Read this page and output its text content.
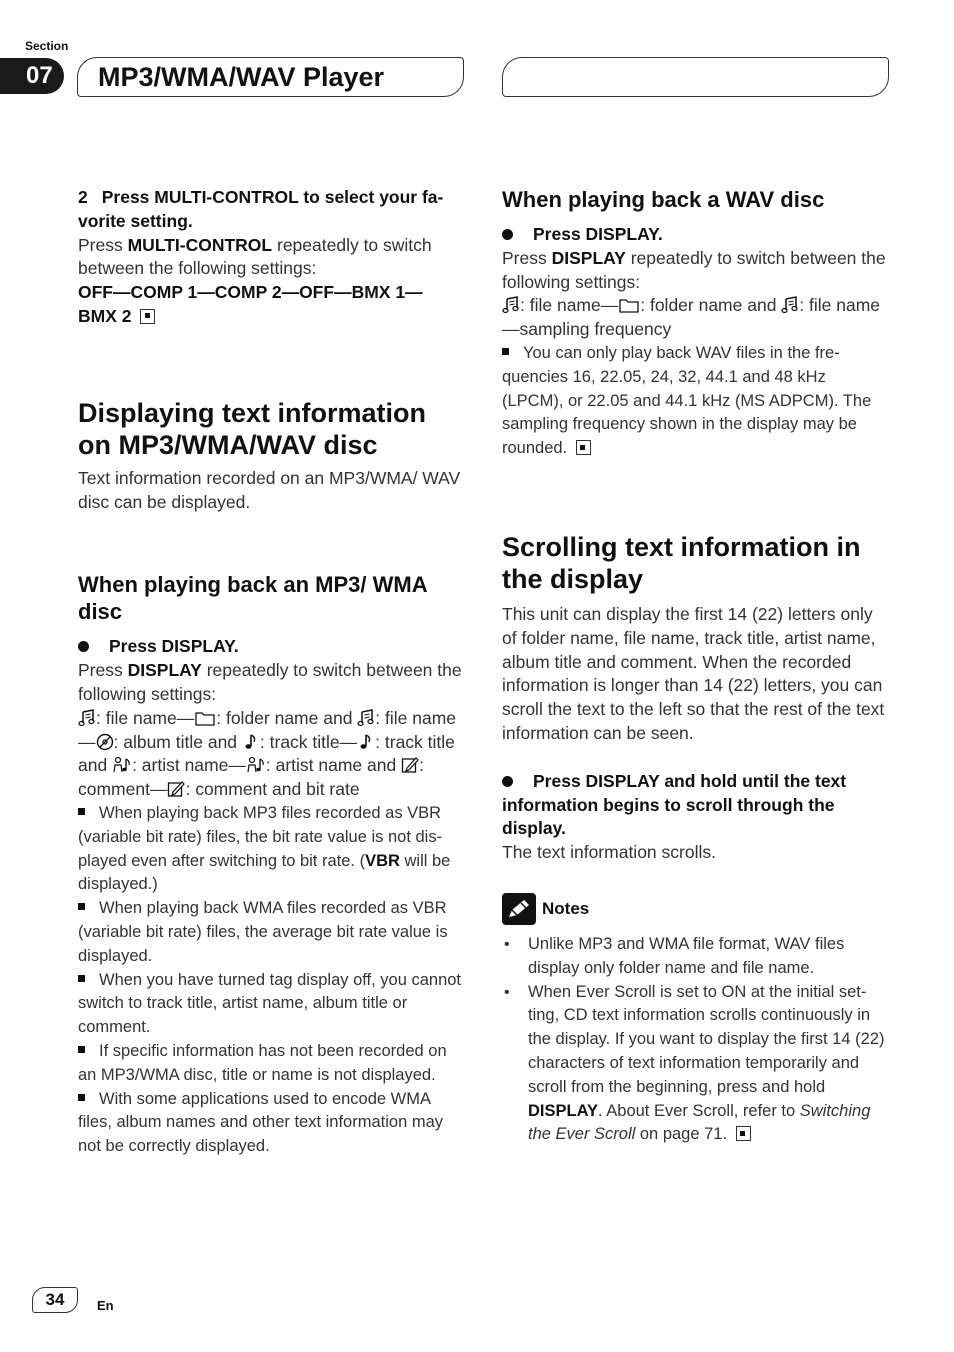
Section
07	MP3/WMA/WAV Player
2 Press MULTI-CONTROL to select your favorite setting.

Press MULTI-CONTROL repeatedly to switch between the following settings:

OFF—COMP 1—COMP 2—OFF—BMX 1—
BMX 2

Displaying text information on MP3/WMA/WAV disc

Text information recorded on an MP3/WMA/ WAV disc can be displayed.

When playing back an MP3/ WMA disc
Press DISPLAY.

Press DISPLAY repeatedly to switch between the following settings:

: file name— : folder name and
: file name— : album title and
: track title— : track title and
: artist name— : artist name and
: comment— : comment and bit rate

When playing back MP3 files recorded as VBR (variable bit rate) files, the bit rate value is not displayed even after switching to bit rate. (VBR will be displayed.)

When playing back WMA files recorded as VBR (variable bit rate) files, the average bit rate value is displayed.

When you have turned tag display off, you cannot switch to track title, artist name, album title or comment.

If specific information has not been recorded on an MP3/WMA disc, title or name is not displayed.

With some applications used to encode WMA files, album names and other text information may not be correctly displayed.

When playing back a WAV disc
Press DISPLAY.

Press DISPLAY repeatedly to switch between the following settings:

: file name— : folder name and
: file name—sampling frequency

You can only play back WAV files in the frequencies 16, 22.05, 24, 32, 44.1 and 48 kHz (LPCM), or 22.05 and 44.1 kHz (MS ADPCM). The sampling frequency shown in the display may be rounded.

Scrolling text information in the display

This unit can display the first 14 (22) letters only of folder name, file name, track title, artist name, album title and comment. When the recorded information is longer than 14 (22) letters, you can scroll the text to the left so that the rest of the text information can be seen.

Press DISPLAY and hold until the text information begins to scroll through the display.

The text information scrolls.

Notes
• Unlike MP3 and WMA file format, WAV files display only folder name and file name.
• When Ever Scroll is set to ON at the initial setting, CD text information scrolls continuously in the display. If you want to display the first 14 (22) characters of text information temporarily and scroll from the beginning, press and hold DISPLAY. About Ever Scroll, refer to Switching the Ever Scroll on page 71.
34	En
